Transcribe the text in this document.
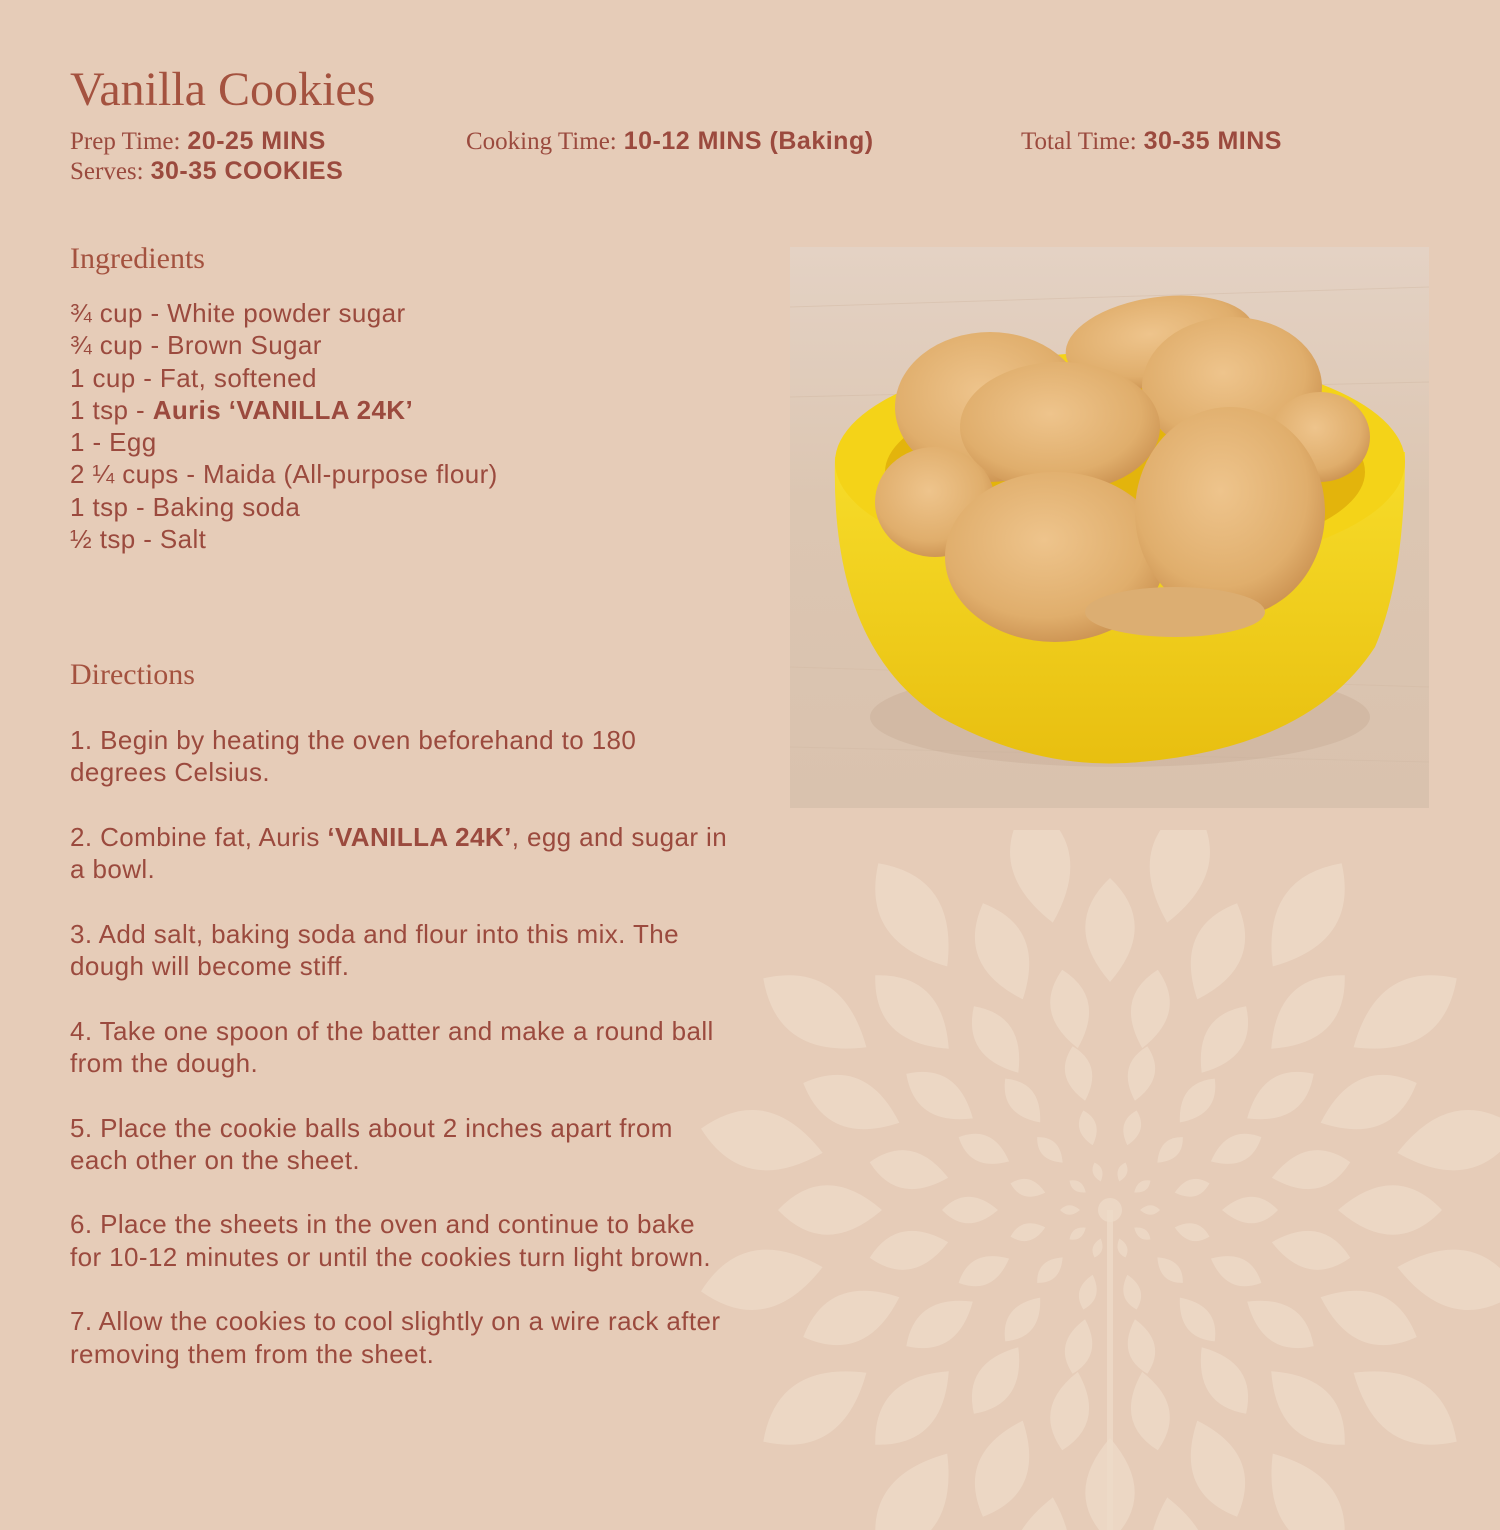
Vanilla Cookies
Prep Time: 20-25 MINS	Cooking Time: 10-12 MINS (Baking)	Total Time: 30-35 MINS
Serves: 30-35 COOKIES
Ingredients
¾ cup - White powder sugar
¾ cup - Brown Sugar
1 cup - Fat, softened
1 tsp - Auris ‘VANILLA 24K’
1 - Egg
2 ¼ cups - Maida (All-purpose flour)
1 tsp - Baking soda
½ tsp - Salt
Directions
1. Begin by heating the oven beforehand to 180 degrees Celsius.
2. Combine fat, Auris ‘VANILLA 24K’, egg and sugar in a bowl.
3. Add salt, baking soda and flour into this mix. The dough will become stiff.
4. Take one spoon of the batter and make a round ball from the dough.
5. Place the cookie balls about 2 inches apart from each other on the sheet.
6. Place the sheets in the oven and continue to bake for 10-12 minutes or until the cookies turn light brown.
7. Allow the cookies to cool slightly on a wire rack after removing them from the sheet.
